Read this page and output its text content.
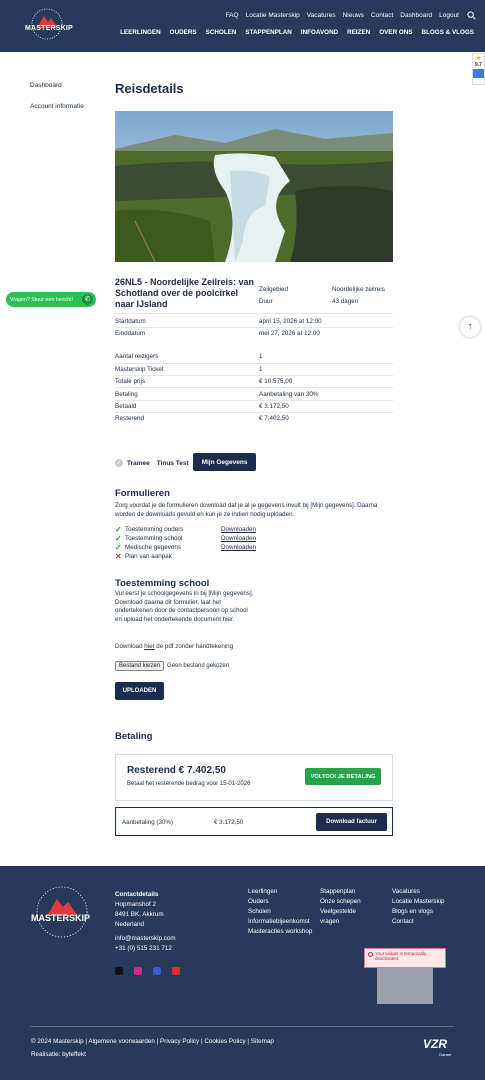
MASTERSKIP
FAQ Locatie Masterskip Vacatures Nieuws Contact Dashboard Logout
LEERLINGEN OUDERS SCHOLEN STAPPENPLAN INFOAVOND REIZEN OVER ONS BLOGS & VLOGS
★
9.7
Dashboard
Account informatie
Reisdetails
26NL5 - Noordelijke Zeilreis: van Schotland over de poolcirkel naar IJsland
Zeilgebied	Noordelijke zeilreis
Duur	43 dagen
Startdatum	april 15, 2026 at 12:00
Einddatum	mei 27, 2026 at 12:00
Aantal reizigers	1
Masterskip Ticket	1
Totale prijs	€ 10.575,00
Betaling	Aanbetaling van 30%
Betaald	€ 3.172,50
Resterend	€ 7.402,50
✓ Trainee Tinus Test	Mijn Gegevens
Formulieren

Zorg voordat je de formulieren download dat je al je gegevens invult bij [Mijn gegevens]. Daarna worden de downloads gevuld en kun je ze indien nodig uploaden.

✓ Toestemming ouders	Downloaden
✓ Toestemming school	Downloaden
✓ Medische gegevens	Downloaden
✕ Plan van aanpak
Toestemming school

Vul eerst je schoolgegevens in bij [Mijn gegevens]. Download daarna dit formulier, laat het ondertekenen door de contactpersoon op school en upload het ondertekende document hier.

Download hier de pdf zonder handtekening

Bestand kiezen	Geen bestand gekozen
UPLOADEN
Betaling
Resterend € 7.402,50
Betaal het resterende bedrag voor 15-01-2026
VOLTOOI JE BETALING
Aanbetaling (30%)	€ 3.172,50	Download factuur
Vragen? Stuur een bericht!	✆
↑
MASTERSKIP
Contactdetails
Hopmanshof 2
8491 BK, Akkrum
Nederland

info@masterskip.com
+31 (0) 515 231 712
Leerlingen
Ouders
Scholen
Informatiebijeenkomst
Masteracties workshop
Stappenplan
Onze schepen
Veelgestelde vragen
Vacatures
Locatie Masterskip
Blogs en vlogs
Contact
Your widget is temporarily deactivated.
© 2024 Masterskip | Algemene voorwaarden | Privacy Policy | Cookies Policy | Sitemap
Realisatie: byteffekt
VZR
Garant
